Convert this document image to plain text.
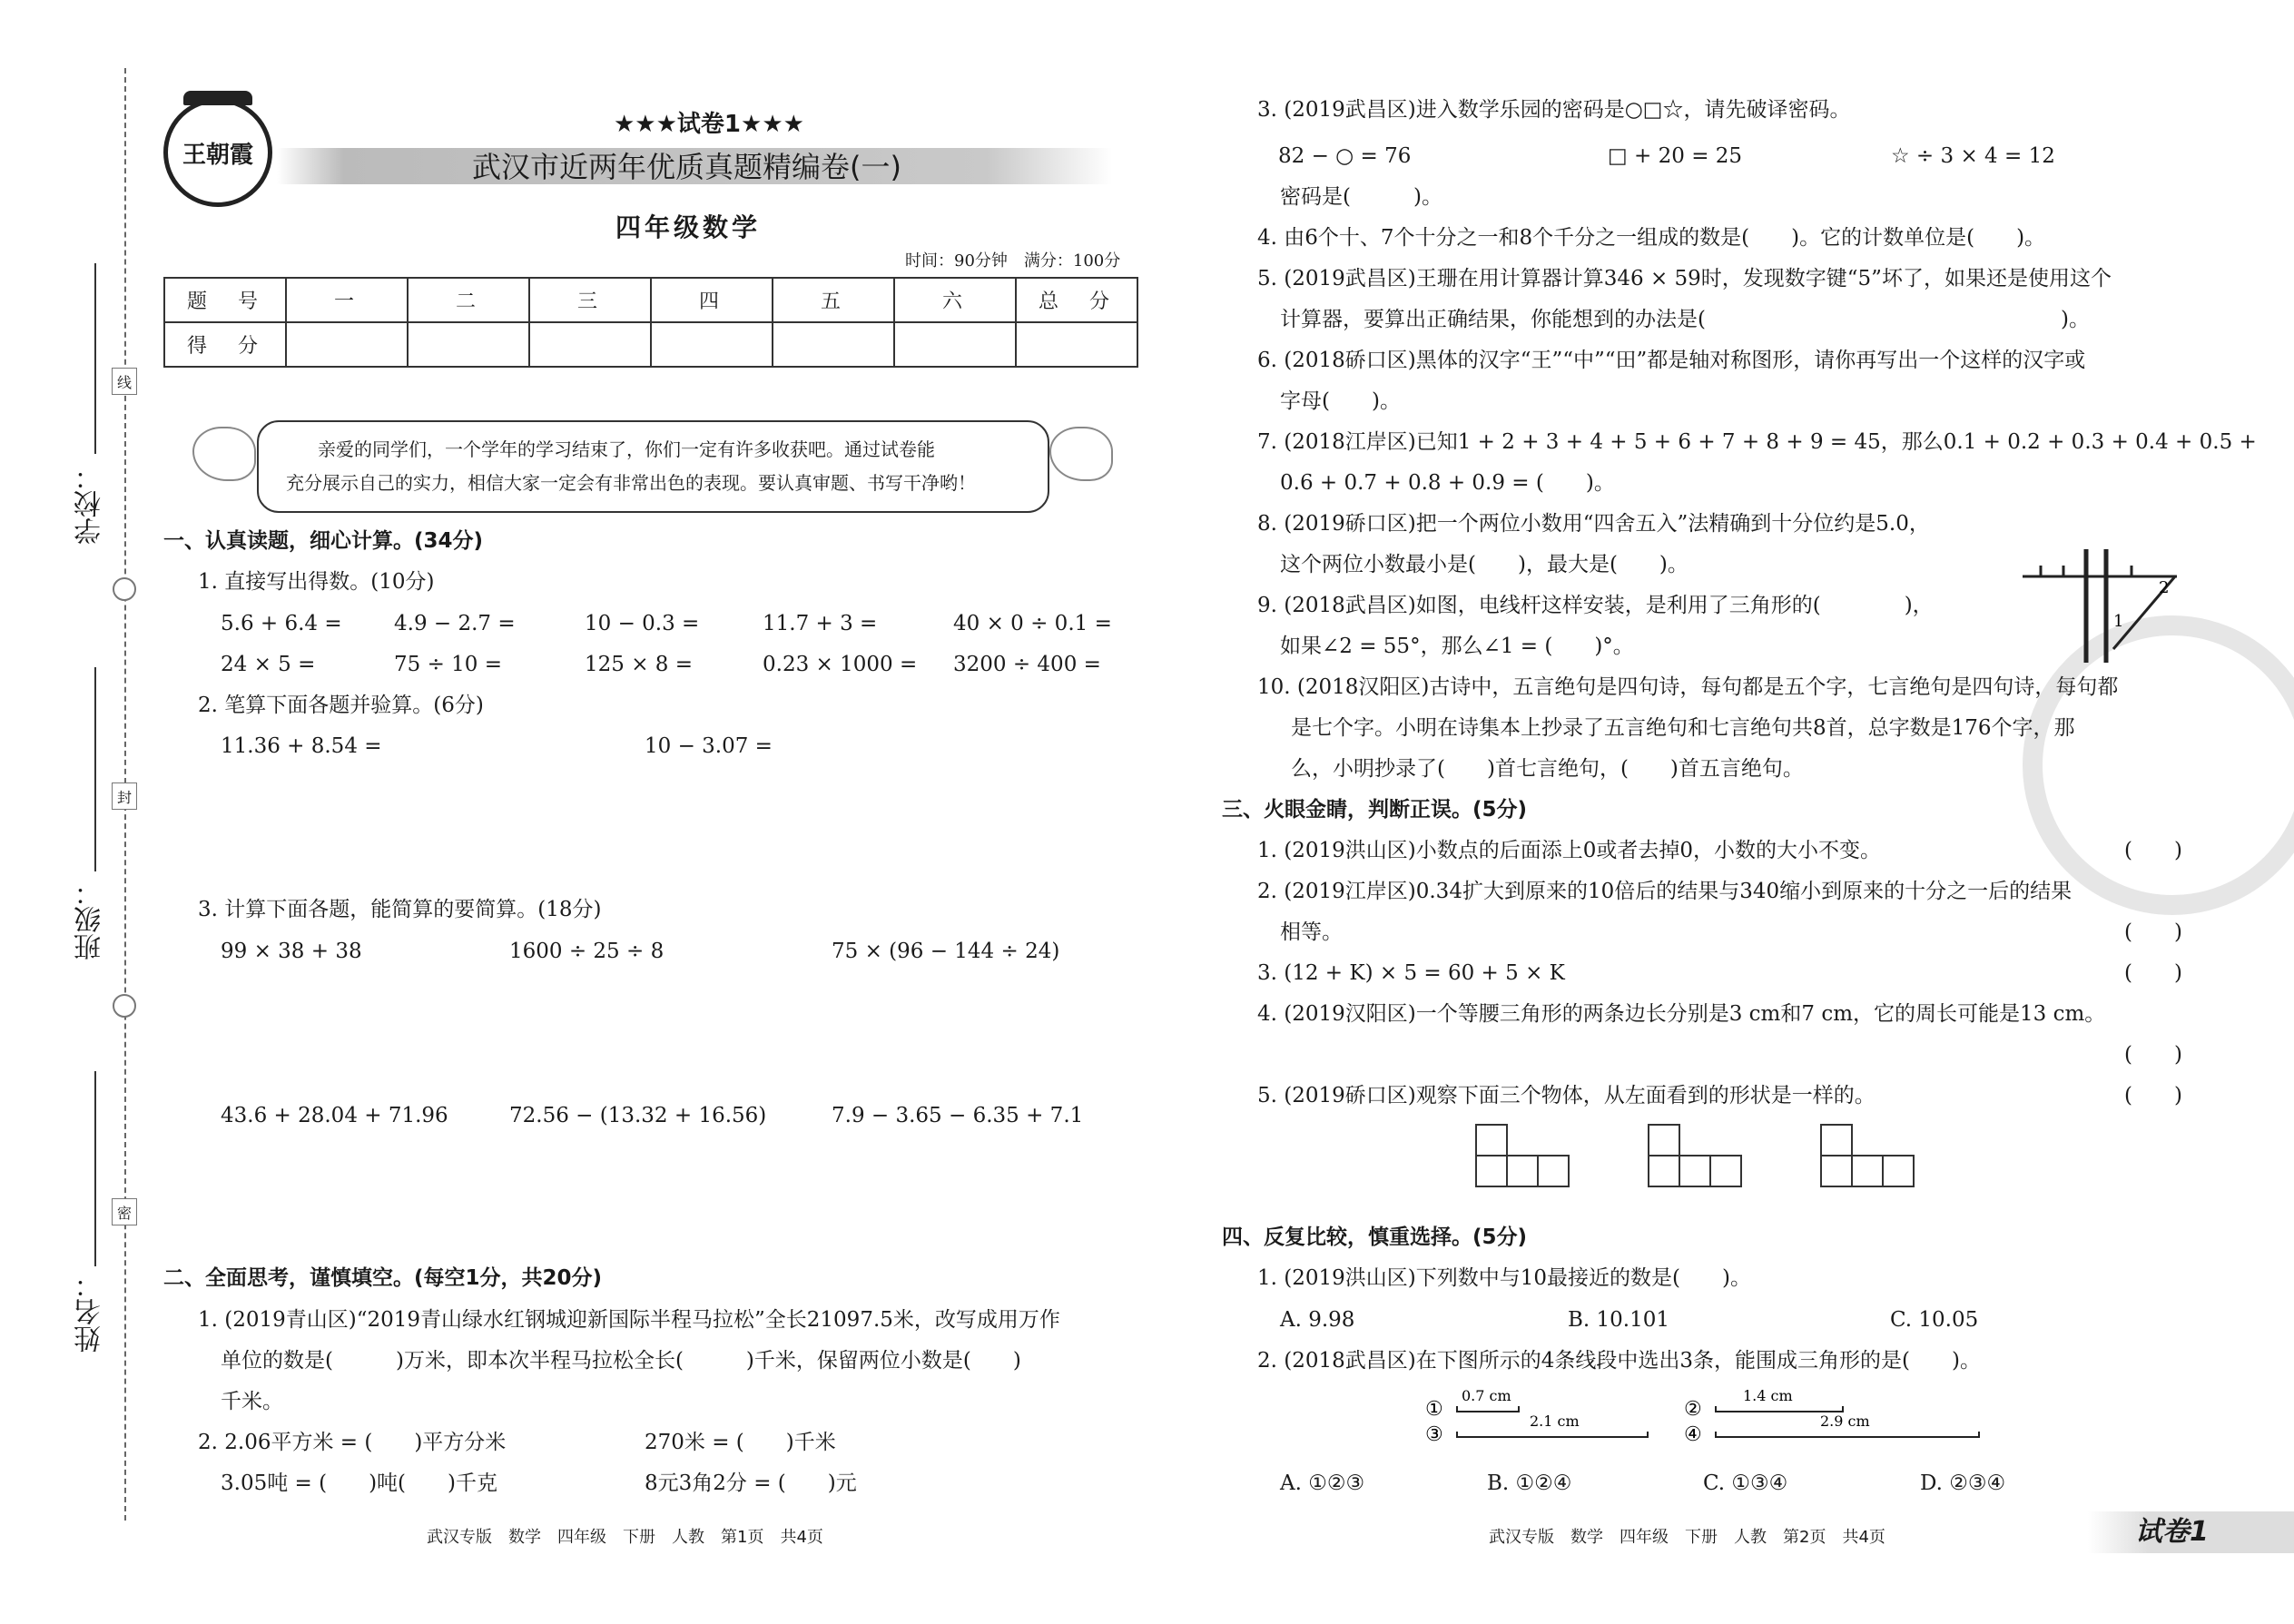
线
封
密
学校：
班级：
姓名：
王朝霞
★★★试卷1★★★
武汉市近两年优质真题精编卷(一)
四年级数学
时间：90分钟　满分：100分
题　号	一	二	三	四	五	六	总　分
得　分							
亲爱的同学们，一个学年的学习结束了，你们一定有许多收获吧。通过试卷能
充分展示自己的实力，相信大家一定会有非常出色的表现。要认真审题、书写干净哟！
一、认真读题，细心计算。(34分)
1. 直接写出得数。(10分)
5.6 + 6.4 = 4.9 − 2.7 =	10 − 0.3 =	11.7 + 3 =	40 × 0 ÷ 0.1 =
24 × 5 =	75 ÷ 10 =	125 × 8 =	0.23 × 1000 = 3200 ÷ 400 =
2. 笔算下面各题并验算。(6分)
11.36 + 8.54 =	10 − 3.07 =
3. 计算下面各题，能简算的要简算。(18分)
99 × 38 + 38	1600 ÷ 25 ÷ 8	75 × (96 − 144 ÷ 24)
43.6 + 28.04 + 71.96	72.56 − (13.32 + 16.56)	7.9 − 3.65 − 6.35 + 7.1
二、全面思考，谨慎填空。(每空1分，共20分)
1. (2019青山区)“2019青山绿水红钢城迎新国际半程马拉松”全长21097.5米，改写成用万作
单位的数是(　　　)万米，即本次半程马拉松全长(　　　)千米，保留两位小数是(　　)
千米。
2. 2.06平方米 = (　　)平方分米	270米 = (　　)千米
3.05吨 = (　　)吨(　　)千克	8元3角2分 = (　　)元
武汉专版　数学　四年级　下册　人教　第1页　共4页
3. (2019武昌区)进入数学乐园的密码是○□☆，请先破译密码。
82 − ○ = 76	□ + 20 = 25	☆ ÷ 3 × 4 = 12
密码是(　　　)。
4. 由6个十、7个十分之一和8个千分之一组成的数是(　　)。它的计数单位是(　　)。
5. (2019武昌区)王珊在用计算器计算346 × 59时，发现数字键“5”坏了，如果还是使用这个
计算器，要算出正确结果，你能想到的办法是(　　　　　　　　　　　　　　　　　)。
6. (2018硚口区)黑体的汉字“王”“中”“田”都是轴对称图形，请你再写出一个这样的汉字或
字母(　　)。
7. (2018江岸区)已知1 + 2 + 3 + 4 + 5 + 6 + 7 + 8 + 9 = 45，那么0.1 + 0.2 + 0.3 + 0.4 + 0.5 +
0.6 + 0.7 + 0.8 + 0.9 = (　　)。
8. (2019硚口区)把一个两位小数用“四舍五入”法精确到十分位约是5.0，
这个两位小数最小是(　　)，最大是(　　)。
9. (2018武昌区)如图，电线杆这样安装，是利用了三角形的(　　　　)，
如果∠2 = 55°，那么∠1 = (　　)°。
2
1
10. (2018汉阳区)古诗中，五言绝句是四句诗，每句都是五个字，七言绝句是四句诗，每句都
是七个字。小明在诗集本上抄录了五言绝句和七言绝句共8首，总字数是176个字，那
么，小明抄录了(　　)首七言绝句，(　　)首五言绝句。
三、火眼金睛，判断正误。(5分)
1. (2019洪山区)小数点的后面添上0或者去掉0，小数的大小不变。	(　　)
2. (2019江岸区)0.34扩大到原来的10倍后的结果与340缩小到原来的十分之一后的结果
相等。	(　　)
3. (12 + K) × 5 = 60 + 5 × K	(　　)
4. (2019汉阳区)一个等腰三角形的两条边长分别是3 cm和7 cm，它的周长可能是13 cm。
(　　)
5. (2019硚口区)观察下面三个物体，从左面看到的形状是一样的。	(　　)
四、反复比较，慎重选择。(5分)
1. (2019洪山区)下列数中与10最接近的数是(　　)。
A. 9.98	B. 10.101	C. 10.05
2. (2018武昌区)在下图所示的4条线段中选出3条，能围成三角形的是(　　)。
①
③
0.7 cm
2.1 cm
②
④
1.4 cm
2.9 cm
A. ①②③	B. ①②④	C. ①③④	D. ②③④
武汉专版　数学　四年级　下册　人教　第2页　共4页	试卷1
